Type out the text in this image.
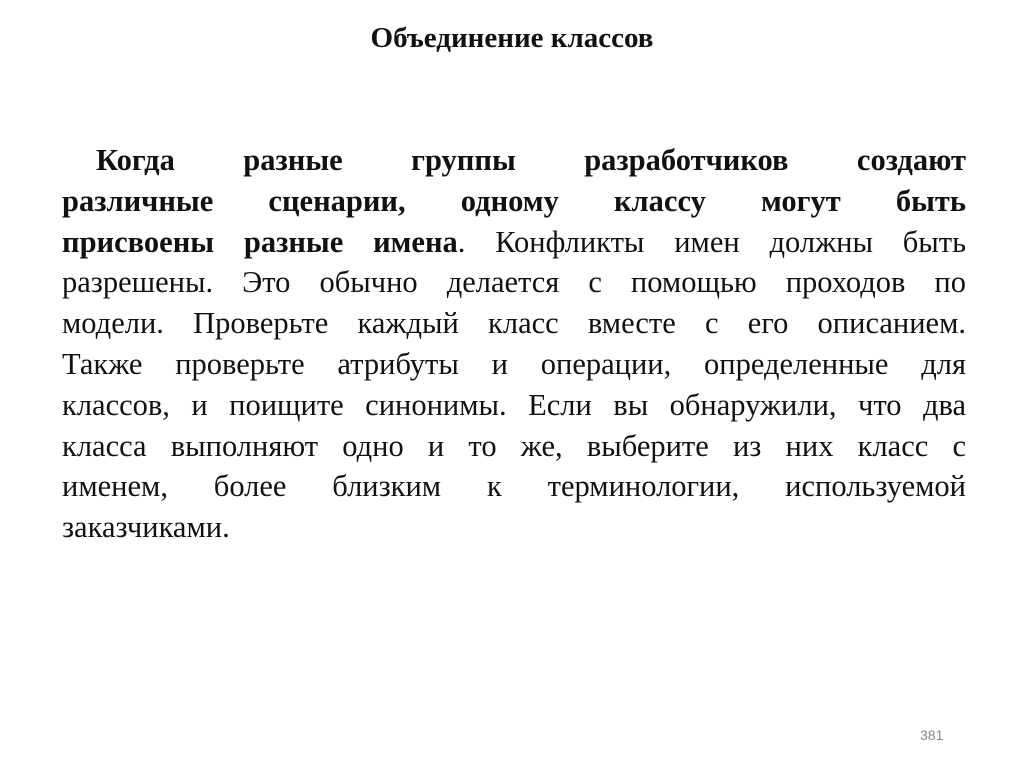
Объединение классов
Когда разные группы разработчиков создают
различные сценарии, одному классу могут быть
присвоены разные имена. Конфликты имен должны быть
разрешены. Это обычно делается с помощью проходов по
модели. Проверьте каждый класс вместе с его описанием.
Также проверьте атрибуты и операции, определенные для
классов, и поищите синонимы. Если вы обнаружили, что два
класса выполняют одно и то же, выберите из них класс с
именем, более близким к терминологии, используемой
заказчиками.
381
